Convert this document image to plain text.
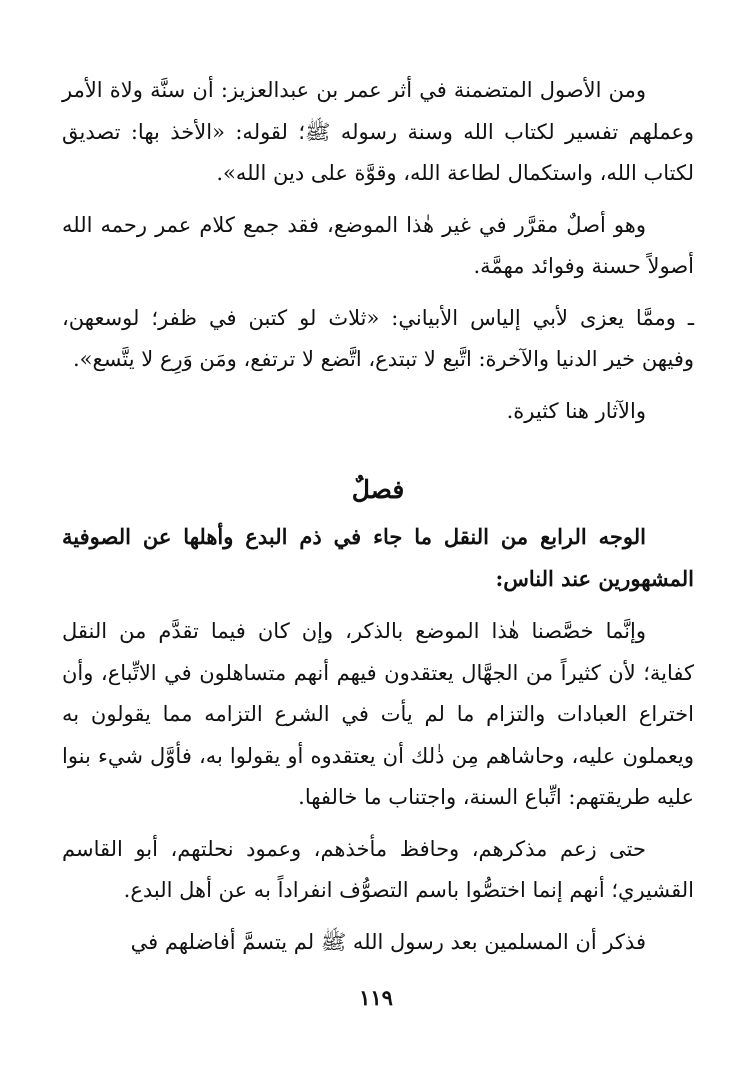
ومن الأصول المتضمنة في أثر عمر بن عبدالعزيز: أن سنَّة ولاة الأمر وعملهم تفسير لكتاب الله وسنة رسوله ﷺ؛ لقوله: «الأخذ بها: تصديق لكتاب الله، واستكمال لطاعة الله، وقوَّة على دين الله».

وهو أصلٌ مقرَّر في غير هٰذا الموضع، فقد جمع كلام عمر رحمه الله أصولاً حسنة وفوائد مهمَّة.

ـ وممَّا يعزى لأبي إلياس الأبياني: «ثلاث لو كتبن في ظفر؛ لوسعهن، وفيهن خير الدنيا والآخرة: اتَّبع لا تبتدع، اتَّضع لا ترتفع، ومَن وَرِع لا يتَّسع».

والآثار هنا كثيرة.

فصلٌ

الوجه الرابع من النقل ما جاء في ذم البدع وأهلها عن الصوفية المشهورين عند الناس:

وإنَّما خصَّصنا هٰذا الموضع بالذكر، وإن كان فيما تقدَّم من النقل كفاية؛ لأن كثيراً من الجهَّال يعتقدون فيهم أنهم متساهلون في الاتِّباع، وأن اختراع العبادات والتزام ما لم يأت في الشرع التزامه مما يقولون به ويعملون عليه، وحاشاهم مِن ذٰلك أن يعتقدوه أو يقولوا به، فأوَّل شيء بنوا عليه طريقتهم: اتِّباع السنة، واجتناب ما خالفها.

حتى زعم مذكرهم، وحافظ مأخذهم، وعمود نحلتهم، أبو القاسم القشيري؛ أنهم إنما اختصُّوا باسم التصوُّف انفراداً به عن أهل البدع.

فذكر أن المسلمين بعد رسول الله ﷺ لم يتسمَّ أفاضلهم في

١١٩
